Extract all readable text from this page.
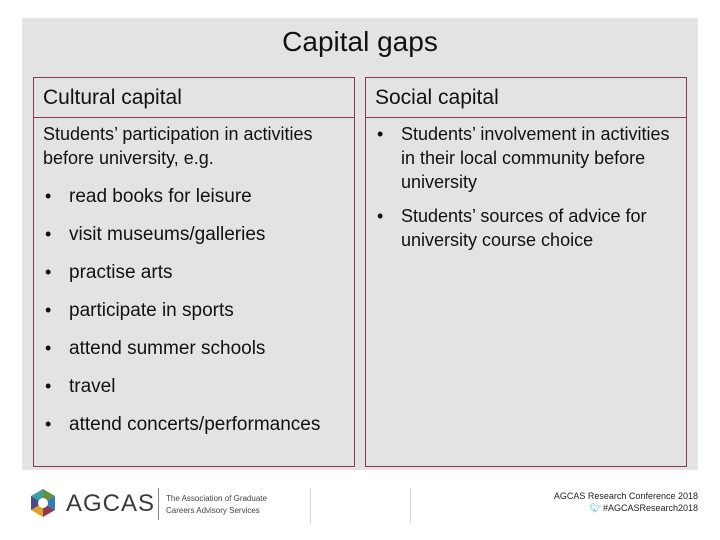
Capital gaps
Cultural capital
Students’ participation in activities before university, e.g.
• read books for leisure
• visit museums/galleries
• practise arts
• participate in sports
• attend summer schools
• travel
• attend concerts/performances
Social capital
• Students’ involvement in activities in their local community before university
• Students’ sources of advice for university course choice
AGCAS The Association of Graduate
Careers Advisory Services
AGCAS Research Conference 2018
🐦︎ #AGCASResearch2018
